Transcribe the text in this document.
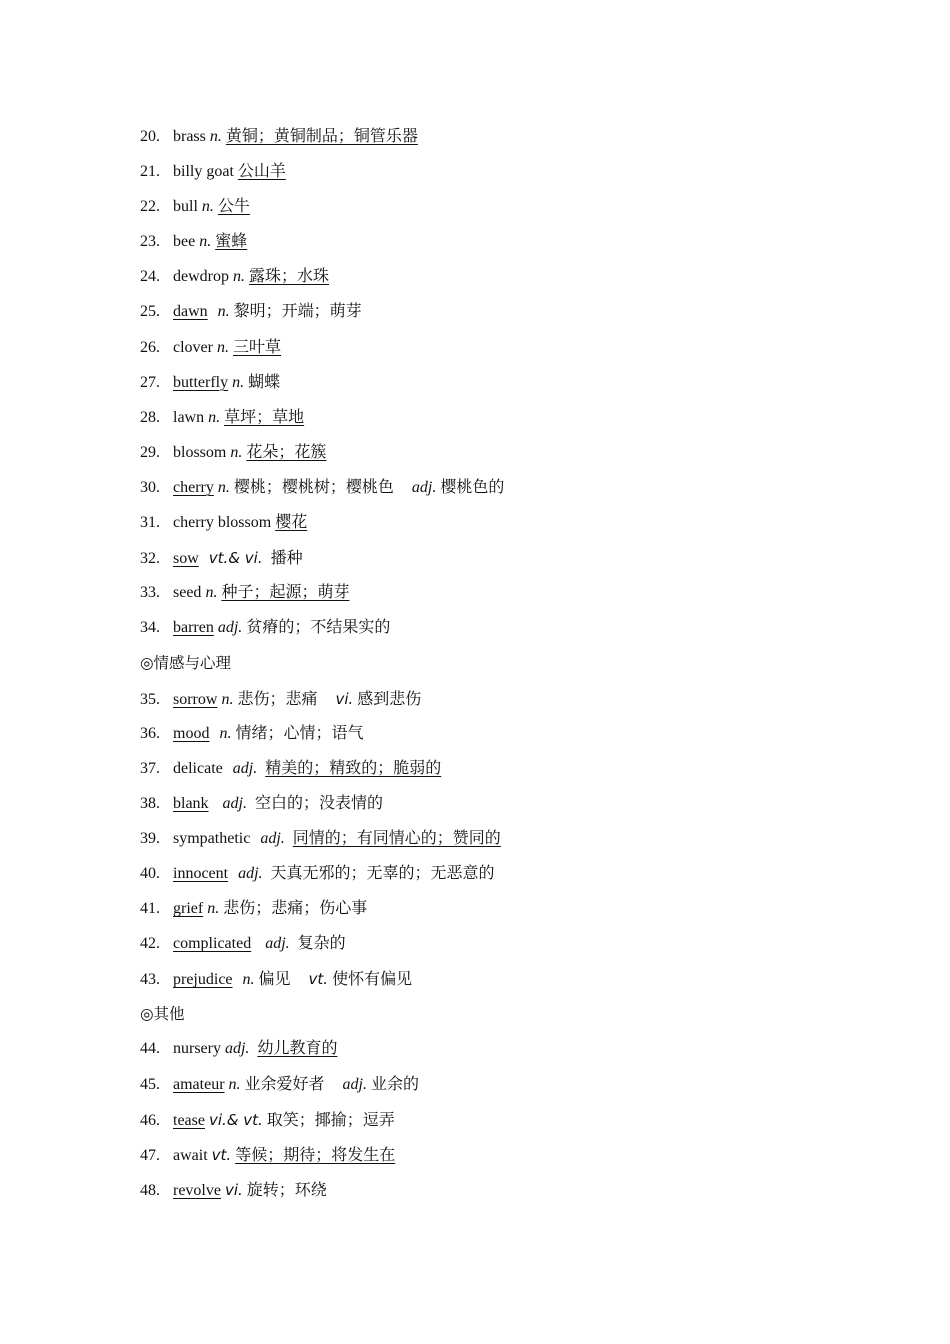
20. brass n. 黄铜；黄铜制品；铜管乐器
21. billy goat 公山羊
22. bull n. 公牛
23. bee n. 蜜蜂
24. dewdrop n. 露珠；水珠
25. dawn n. 黎明；开端；萌芽
26. clover n. 三叶草
27. butterfly n. 蝴蝶
28. lawn n. 草坪；草地
29. blossom n. 花朵；花簇
30. cherry n. 樱桃；樱桃树；樱桃色 adj. 樱桃色的
31. cherry blossom 樱花
32. sow vt.& vi. 播种
33. seed n. 种子；起源；萌芽
34. barren adj. 贫瘠的；不结果实的
◎情感与心理
35. sorrow n. 悲伤；悲痛 vi. 感到悲伤
36. mood n. 情绪；心情；语气
37. delicate adj. 精美的；精致的；脆弱的
38. blank adj. 空白的；没表情的
39. sympathetic adj. 同情的；有同情心的；赞同的
40. innocent adj. 天真无邪的；无辜的；无恶意的
41. grief n. 悲伤；悲痛；伤心事
42. complicated adj. 复杂的
43. prejudice n. 偏见 vt. 使怀有偏见
◎其他
44. nursery adj. 幼儿教育的
45. amateur n. 业余爱好者 adj. 业余的
46. tease vi.& vt. 取笑；揶揄；逗弄
47. await vt. 等候；期待；将发生在
48. revolve vi. 旋转；环绕
